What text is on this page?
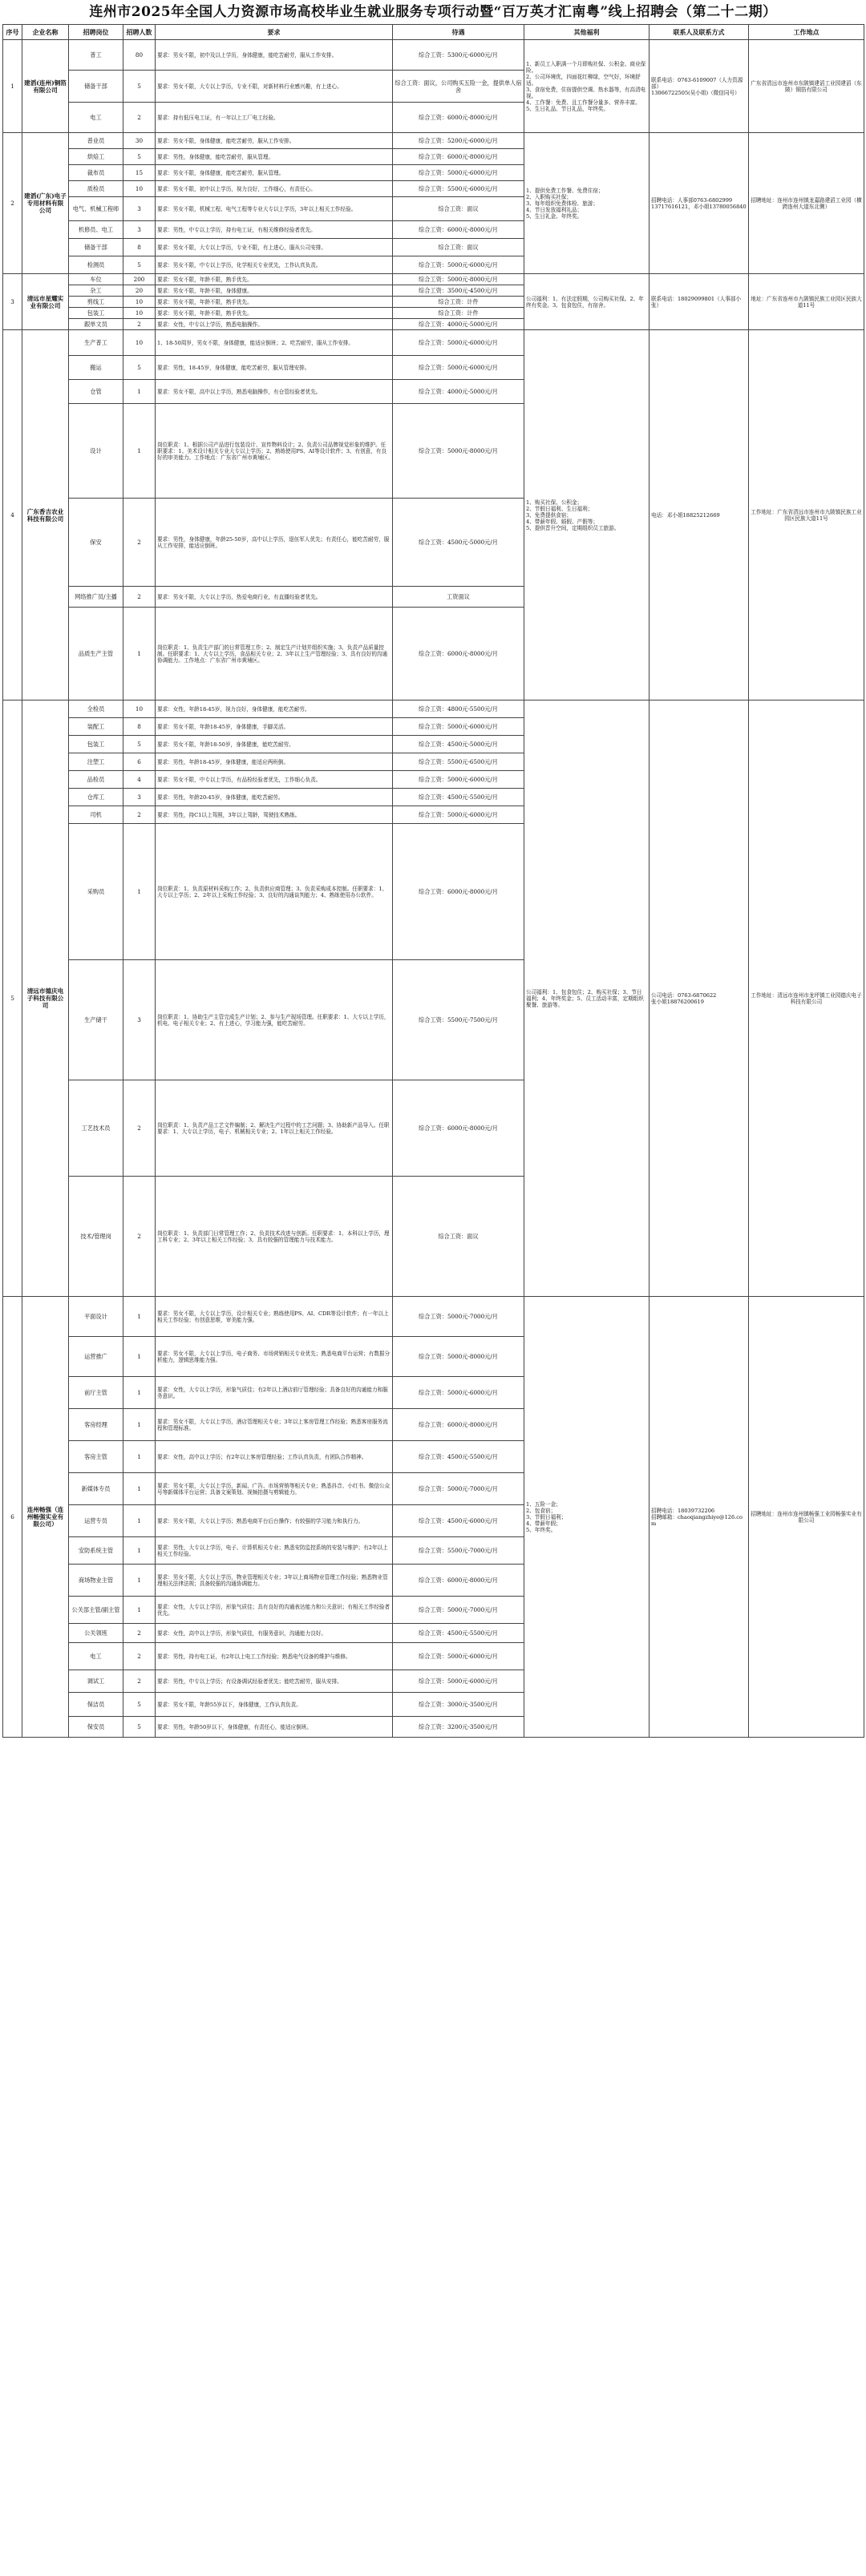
连州市2025年全国人力资源市场高校毕业生就业服务专项行动暨“百万英才汇南粤”线上招聘会（第二十二期）
序号	企业名称	招聘岗位	招聘人数	要求	待遇	其他福利	联系人及联系方式	工作地点
1	建滔(连州)铜箔有限公司	普工	80	要求：男女不限，初中及以上学历，身体健康，能吃苦耐劳，服从工作安排。	综合工资：5300元-6000元/月	1、新员工入职满一个月即购社保、公积金、商业保险。
2、公司环境优，四面花红柳绿，空气好，环境舒适。
3、食宿免费，住宿提供空调、热水器等，有高清电视。
4、工作餐：免费、且工作餐分量多、营养丰富。
5、生日礼品、节日礼品，年终奖。	联系电话：0763-6109007（人力资源部）
13066722505(吴小姐)（微信同号）	广东省清远市连州市东陂镇建滔工业园建滔（东陂）铜箔有限公司
		储备干部	5	要求：男女不限，大专以上学历，专业不限，对新材料行业感兴趣，有上进心。	综合工资：面议，公司购买五险一金，提供单人宿舍			
		电工	2	要求：持有低压电工证，有一年以上工厂电工经验。	综合工资：6000元-8000元/月			
2	建滔(广东)电子专用材料有限公司	普业员	30	要求：男女不限，身体健康，能吃苦耐劳，服从工作安排。	综合工资：5200元-6000元/月	1、提供免费工作餐、免费住宿；
2、入职购买社保；
3、每年组织免费体检、旅游；
4、节日发放福利礼品；
5、生日礼金、年终奖。	招聘电话：人事部0763-6802999
13717616121，邓小姐13780056840	招聘地址：连州市连州镇龙嘉路建滔工业园（横跨连州大道东北侧）
		烘焙工	5	要求：男性，身体健康，能吃苦耐劳，服从管理。	综合工资：6000元-8000元/月			
		裁布员	15	要求：男女不限，身体健康，能吃苦耐劳，服从管理。	综合工资：5000元-6000元/月			
		质检员	10	要求：男女不限，初中以上学历，视力良好，工作细心，有责任心。	综合工资：5500元-6000元/月			
		电气、机械工程师	3	要求：男女不限，机械工程、电气工程等专业大专以上学历，3年以上相关工作经验。	综合工资：面议			
		机修员、电工	3	要求：男性，中专以上学历，持有电工证，有相关维修经验者优先。	综合工资：6000元-8000元/月			
		储备干部	8	要求：男女不限，大专以上学历，专业不限，有上进心，服从公司安排。	综合工资：面议			
		检测员	5	要求：男女不限，中专以上学历，化学相关专业优先，工作认真负责。	综合工资：5000元-6000元/月			
3	清远市星耀实业有限公司	车位	200	要求：男女不限，年龄不限，熟手优先。	综合工资：5000元-8000元/月	公司福利：1、有法定假期，公司购买社保。2、年终有奖金。3、包食包住，有宿舍。	联系电话：18029099801（人事部小张）	地址：广东省连州市九陂镇民族工业园区民族大道11号
		杂工	20	要求：男女不限，年龄不限，身体健康。	综合工资：3500元-4500元/月			
		剪线工	10	要求：男女不限，年龄不限，熟手优先。	综合工资：计件			
		包装工	10	要求：男女不限，年龄不限，熟手优先。	综合工资：计件			
		跟单文员	2	要求：女性，中专以上学历，熟悉电脑操作。	综合工资：4000元-5000元/月			
4	广东香吉农业科技有限公司	生产普工	10	1、18-50周岁，男女不限，身体健康，能适应倒班；2、吃苦耐劳，服从工作安排。	综合工资：5000元-6000元/月	1、购买社保、公积金；
2、节假日福利、生日福利；
3、免费提供食宿；
4、带薪年假、婚假、产假等；
5、提供晋升空间，定期组织员工旅游。	电话：邓小姐18825212669	工作地址：广东省清远市连州市九陂镇民族工业园区民族大道11号
		搬运	5	要求：男性，18-45岁，身体健康，能吃苦耐劳，服从管理安排。	综合工资：5000元-6000元/月			
		仓管	1	要求：男女不限，高中以上学历，熟悉电脑操作，有仓管经验者优先。	综合工资：4000元-5000元/月			
		设计	1	岗位职责：1、根据公司产品进行包装设计、宣传物料设计；2、负责公司品牌视觉形象的维护。任职要求：1、美术设计相关专业大专以上学历；2、熟练使用PS、AI等设计软件；3、有创意，有良好的审美能力。工作地点：广东省广州市黄埔区。	综合工资：5000元-8000元/月			
		保安	2	要求：男性，身体健康，年龄25-50岁，高中以上学历，退伍军人优先；有责任心，能吃苦耐劳，服从工作安排，能适应倒班。	综合工资：4500元-5000元/月			
		网络推广员/主播	2	要求：男女不限，大专以上学历，热爱电商行业，有直播经验者优先。	工资面议			
		品质生产主管	1	岗位职责：1、负责生产部门的日常管理工作；2、制定生产计划并组织实施；3、负责产品质量控制。任职要求：1、大专以上学历，食品相关专业；2、3年以上生产管理经验；3、具有良好的沟通协调能力。工作地点：广东省广州市黄埔区。	综合工资：6000元-8000元/月			
5	清远市德庆电子科技有限公司	全检员	10	要求：女性，年龄18-45岁，视力良好，身体健康，能吃苦耐劳。	综合工资：4800元-5500元/月	公司福利：1、包食包住；2、购买社保；3、节日福利；4、年终奖金；5、员工活动丰富，定期组织聚餐、旅游等。	公司电话：0763-6870622
张小姐18876200619	工作地址：清远市连州市龙坪镇工业园德庆电子科技有限公司
		装配工	8	要求：男女不限，年龄18-45岁，身体健康，手脚灵活。	综合工资：5000元-6000元/月			
		包装工	5	要求：男女不限，年龄18-50岁，身体健康，能吃苦耐劳。	综合工资：4500元-5000元/月			
		注塑工	6	要求：男性，年龄18-45岁，身体健康，能适应两班倒。	综合工资：5500元-6500元/月			
		品检员	4	要求：男女不限，中专以上学历，有品检经验者优先，工作细心负责。	综合工资：5000元-6000元/月			
		仓库工	3	要求：男性，年龄20-45岁，身体健康，能吃苦耐劳。	综合工资：4500元-5500元/月			
		司机	2	要求：男性，持C1以上驾照，3年以上驾龄，驾驶技术熟练。	综合工资：5000元-6000元/月			
		采购员	1	岗位职责：1、负责原材料采购工作；2、负责供应商管理；3、负责采购成本控制。任职要求：1、大专以上学历；2、2年以上采购工作经验；3、良好的沟通谈判能力；4、熟练使用办公软件。	综合工资：6000元-8000元/月			
		生产储干	3	岗位职责：1、协助生产主管完成生产计划；2、参与生产现场管理。任职要求：1、大专以上学历，机电、电子相关专业；2、有上进心，学习能力强，能吃苦耐劳。	综合工资：5500元-7500元/月			
		工艺技术员	2	岗位职责：1、负责产品工艺文件编制；2、解决生产过程中的工艺问题；3、协助新产品导入。任职要求：1、大专以上学历，电子、机械相关专业；2、1年以上相关工作经验。	综合工资：6000元-8000元/月			
		技术/管理岗	2	岗位职责：1、负责部门日常管理工作；2、负责技术改进与创新。任职要求：1、本科以上学历，理工科专业；2、3年以上相关工作经验；3、具有较强的管理能力与技术能力。	综合工资：面议			
6	连州畅强（连州畅强实业有限公司）	平面设计	1	要求：男女不限，大专以上学历，设计相关专业；熟练使用PS、AI、CDR等设计软件；有一年以上相关工作经验；有创意思维，审美能力强。	综合工资：5000元-7000元/月	1、五险一金；
2、包食宿；
3、节假日福利；
4、带薪年假；
5、年终奖。	招聘电话：18039732206
招聘邮箱：chaoqiangzhiye@126.com	招聘地址：连州市连州镇畅强工业园畅强实业有限公司
		运营推广	1	要求：男女不限，大专以上学历，电子商务、市场营销相关专业优先；熟悉电商平台运营；有数据分析能力，逻辑思维能力强。	综合工资：5000元-8000元/月			
		前厅主管	1	要求：女性，大专以上学历，形象气质佳；有2年以上酒店前厅管理经验；具备良好的沟通能力和服务意识。	综合工资：5000元-6000元/月			
		客房经理	1	要求：男女不限，大专以上学历，酒店管理相关专业；3年以上客房管理工作经验；熟悉客房服务流程和管理标准。	综合工资：6000元-8000元/月			
		客房主管	1	要求：女性，高中以上学历；有2年以上客房管理经验；工作认真负责，有团队合作精神。	综合工资：4500元-5500元/月			
		新媒体专员	1	要求：男女不限，大专以上学历，新闻、广告、市场营销等相关专业；熟悉抖音、小红书、微信公众号等新媒体平台运营；具备文案策划、视频拍摄与剪辑能力。	综合工资：5000元-7000元/月			
		运营专员	1	要求：男女不限，大专以上学历；熟悉电商平台后台操作；有较强的学习能力和执行力。	综合工资：4500元-6000元/月			
		安防系统主管	1	要求：男性，大专以上学历，电子、计算机相关专业；熟悉安防监控系统的安装与维护；有2年以上相关工作经验。	综合工资：5500元-7000元/月			
		商场物业主管	1	要求：男女不限，大专以上学历，物业管理相关专业；3年以上商场物业管理工作经验；熟悉物业管理相关法律法规；具备较强的沟通协调能力。	综合工资：6000元-8000元/月			
		公关部主管/副主管	1	要求：女性，大专以上学历，形象气质佳；具有良好的沟通表达能力和公关意识；有相关工作经验者优先。	综合工资：5000元-7000元/月			
		公关领班	2	要求：女性，高中以上学历，形象气质佳，有服务意识，沟通能力良好。	综合工资：4500元-5500元/月			
		电工	2	要求：男性，持有电工证，有2年以上电工工作经验；熟悉电气设备的维护与维修。	综合工资：5000元-6000元/月			
		调试工	2	要求：男性，中专以上学历；有设备调试经验者优先；能吃苦耐劳，服从安排。	综合工资：5000元-6000元/月			
		保洁员	5	要求：男女不限，年龄55岁以下，身体健康，工作认真负责。	综合工资：3000元-3500元/月			
		保安员	5	要求：男性，年龄50岁以下，身体健康，有责任心，能适应倒班。	综合工资：3200元-3500元/月			
